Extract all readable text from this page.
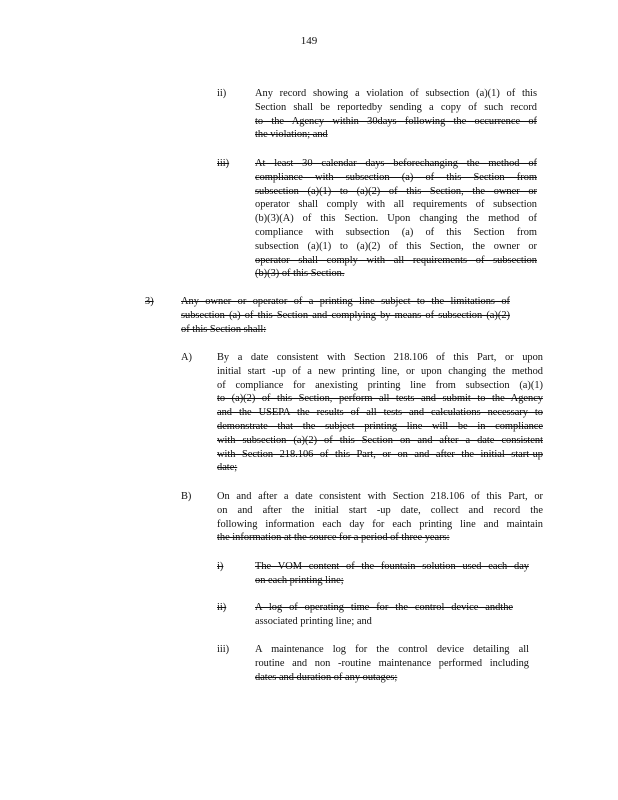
149
ii)	Any record showing a violation of subsection (a)(1) of this
Section shall be reportedby sending a copy of such record
to the Agency within 30days following the occurrence of
the violation; and
iii) At least 30 calendar days beforechanging the method of
compliance with subsection (a) of this Section from
subsection (a)(1) to (a)(2) of this Section, the owner or
operator shall comply with all requirements of subsection
(b)(3)(A) of this Section. Upon changing the method of
compliance with subsection (a) of this Section from
subsection (a)(1) to (a)(2) of this Section, the owner or
operator shall comply with all requirements of subsection
(b)(3) of this Section.
3)	Any owner or operator of a printing line subject to the limitations of
subsection (a) of this Section and complying by means of subsection (a)(2)
of this Section shall:
A) By a date consistent with Section 218.106 of this Part, or upon
initial start -up of a new printing line, or upon changing the method
of compliance for anexisting printing line from subsection (a)(1)
to (a)(2) of this Section, perform all tests and submit to the Agency
and the USEPA the results of all tests and calculations necessary to
demonstrate that the subject printing line will be in compliance
with subsection (a)(2) of this Section on and after a date consistent
with Section 218.106 of this Part, or on and after the initial start-up
date;
B) On and after a date consistent with Section 218.106 of this Part, or
on and after the initial start -up date, collect and record the
following information each day for each printing line and maintain
the information at the source for a period of three years:
i)	The VOM content of the fountain solution used each day
on each printing line;
ii)	A log of operating time for the control device andthe
associated printing line; and
iii) A maintenance log for the control device detailing all
routine and non -routine maintenance performed including
dates and duration of any outages;
